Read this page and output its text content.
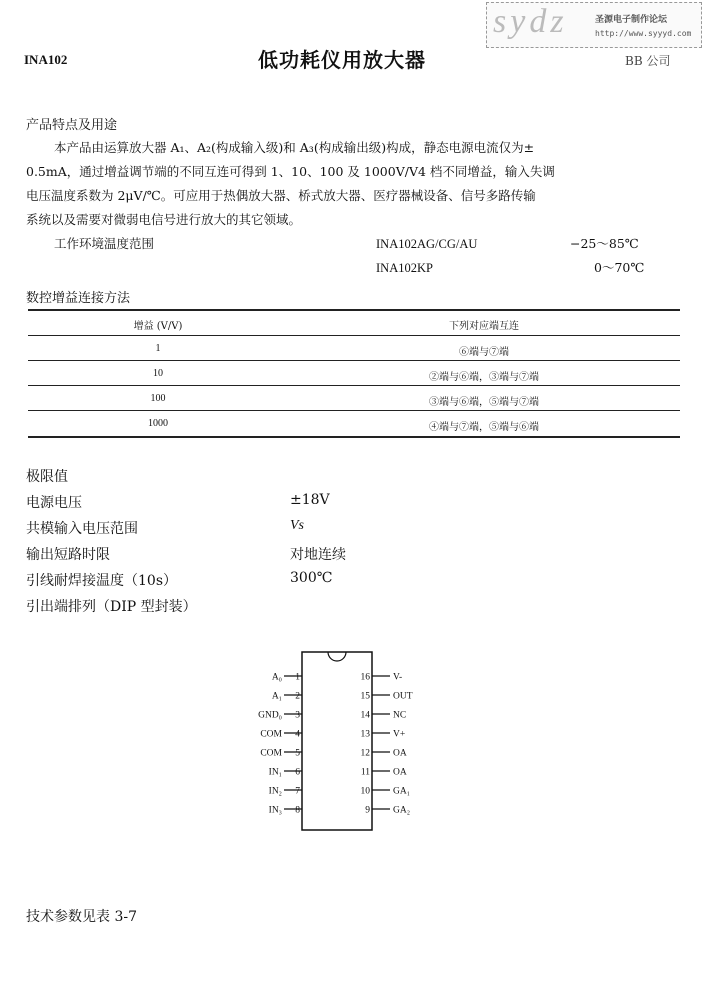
INA102	低功耗仪用放大器	BB 公司
sydz	圣源电子制作论坛
http://www.syyyd.com
产品特点及用途
本产品由运算放大器 A₁、A₂(构成输入级)和 A₃(构成输出级)构成，静态电源电流仅为±
0.5mA，通过增益调节端的不同互连可得到 1、10、100 及 1000V/V4 档不同增益，输入失调
电压温度系数为 2μV/℃。可应用于热偶放大器、桥式放大器、医疗器械设备、信号多路传输
系统以及需要对微弱电信号进行放大的其它领域。
工作环境温度范围	INA102AG/CG/AU	−25～85℃
INA102KP	0～70℃
数控增益连接方法
增益 (V/V)	下列对应端互连
1	⑥端与⑦端
10	②端与⑥端，③端与⑦端
100	③端与⑥端，⑤端与⑦端
1000	④端与⑦端，⑤端与⑥端
极限值
电源电压	±18V
共模输入电压范围	Vs
输出短路时限	对地连续
引线耐焊接温度（10s）	300℃
引出端排列（DIP 型封装）
1
A₀
2
A₁
3
GND₀
4
COM
5
COM
6
IN₁
7
IN₂
8
IN₃
16 V-
15 OUT
14 NC
13 V+
12 OA
11 OA
10 GA₁
9 GA₂
技术参数见表 3-7
